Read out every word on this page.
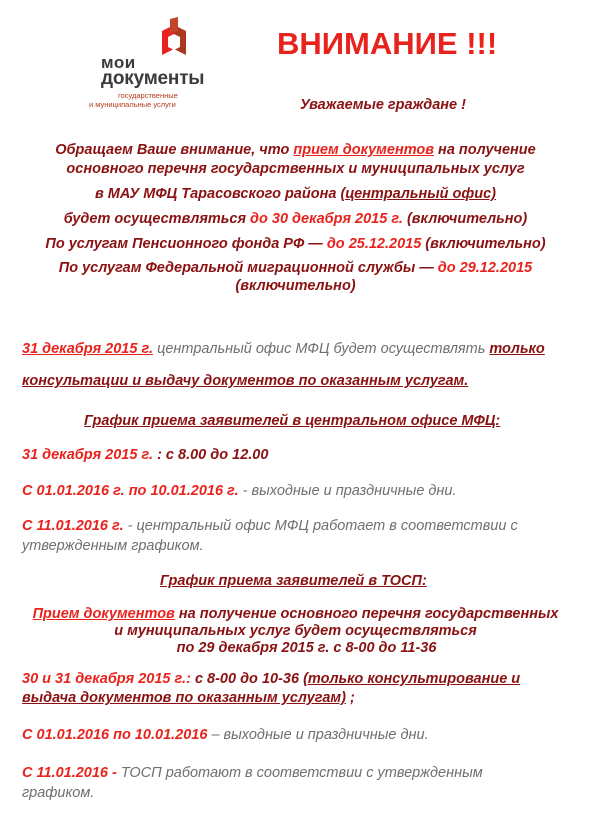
мои
документы
государственные
и муниципальные услуги
ВНИМАНИЕ !!!
Уважаемые граждане !

Обращаем Ваше внимание, что прием документов на получение

основного перечня государственных и муниципальных услуг

в МАУ МФЦ Тарасовского района (центральный офис)

будет осуществляться до 30 декабря 2015 г. (включительно)

По услугам Пенсионного фонда РФ — до 25.12.2015 (включительно)

По услугам Федеральной миграционной службы — до 29.12.2015

(включительно)

31 декабря 2015 г. центральный офис МФЦ будет осуществлять только

консультации и выдачу документов по оказанным услугам.

График приема заявителей в центральном офисе МФЦ:
31 декабря 2015 г. : с 8.00 до 12.00
С 01.01.2016 г. по 10.01.2016 г. - выходные и праздничные дни.

С 11.01.2016 г. - центральный офис МФЦ работает в соответствии с

утвержденным графиком.

График приема заявителей в ТОСП:

Прием документов на получение основного перечня государственных

и муниципальных услуг будет осуществляться

по 29 декабря 2015 г. с 8-00 до 11-36

30 и 31 декабря 2015 г.: с 8-00 до 10-36 (только консультирование и

выдача документов по оказанным услугам) ;

С 01.01.2016 по 10.01.2016 – выходные и праздничные дни.

С 11.01.2016 - ТОСП работают в соответствии с утвержденным

графиком.
